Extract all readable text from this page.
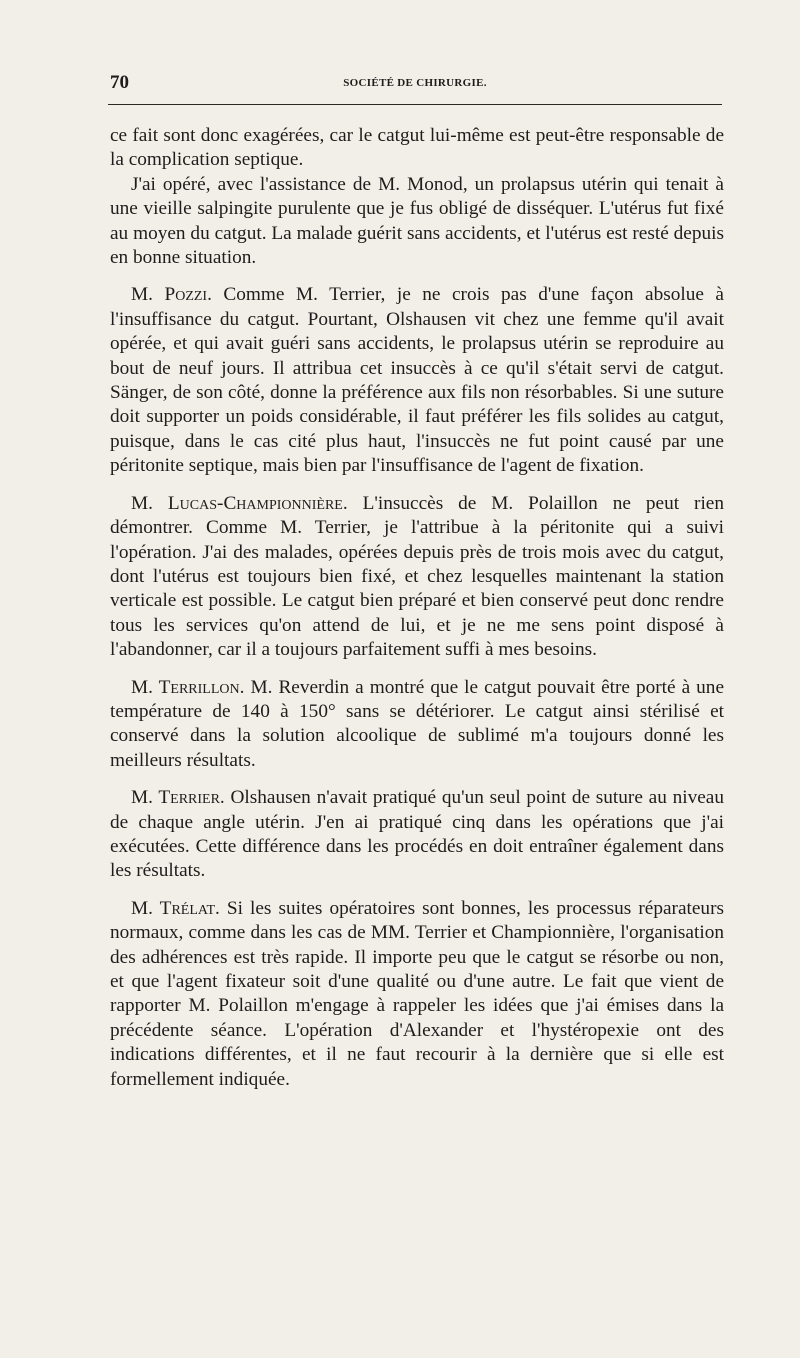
70	SOCIÉTÉ DE CHIRURGIE.

ce fait sont donc exagérées, car le catgut lui-même est peut-être responsable de la complication septique.

J'ai opéré, avec l'assistance de M. Monod, un prolapsus utérin qui tenait à une vieille salpingite purulente que je fus obligé de disséquer. L'utérus fut fixé au moyen du catgut. La malade guérit sans accidents, et l'utérus est resté depuis en bonne situation.

M. Pozzi. Comme M. Terrier, je ne crois pas d'une façon absolue à l'insuffisance du catgut. Pourtant, Olshausen vit chez une femme qu'il avait opérée, et qui avait guéri sans accidents, le prolapsus utérin se reproduire au bout de neuf jours. Il attribua cet insuccès à ce qu'il s'était servi de catgut. Sänger, de son côté, donne la préférence aux fils non résorbables. Si une suture doit supporter un poids considérable, il faut préférer les fils solides au catgut, puisque, dans le cas cité plus haut, l'insuccès ne fut point causé par une péritonite septique, mais bien par l'insuffisance de l'agent de fixation.

M. Lucas-Championnière. L'insuccès de M. Polaillon ne peut rien démontrer. Comme M. Terrier, je l'attribue à la péritonite qui a suivi l'opération. J'ai des malades, opérées depuis près de trois mois avec du catgut, dont l'utérus est toujours bien fixé, et chez lesquelles maintenant la station verticale est possible. Le catgut bien préparé et bien conservé peut donc rendre tous les services qu'on attend de lui, et je ne me sens point disposé à l'abandonner, car il a toujours parfaitement suffi à mes besoins.

M. Terrillon. M. Reverdin a montré que le catgut pouvait être porté à une température de 140 à 150° sans se détériorer. Le catgut ainsi stérilisé et conservé dans la solution alcoolique de sublimé m'a toujours donné les meilleurs résultats.

M. Terrier. Olshausen n'avait pratiqué qu'un seul point de suture au niveau de chaque angle utérin. J'en ai pratiqué cinq dans les opérations que j'ai exécutées. Cette différence dans les procédés en doit entraîner également dans les résultats.

M. Trélat. Si les suites opératoires sont bonnes, les processus réparateurs normaux, comme dans les cas de MM. Terrier et Championnière, l'organisation des adhérences est très rapide. Il importe peu que le catgut se résorbe ou non, et que l'agent fixateur soit d'une qualité ou d'une autre. Le fait que vient de rapporter M. Polaillon m'engage à rappeler les idées que j'ai émises dans la précédente séance. L'opération d'Alexander et l'hystéropexie ont des indications différentes, et il ne faut recourir à la dernière que si elle est formellement indiquée.
